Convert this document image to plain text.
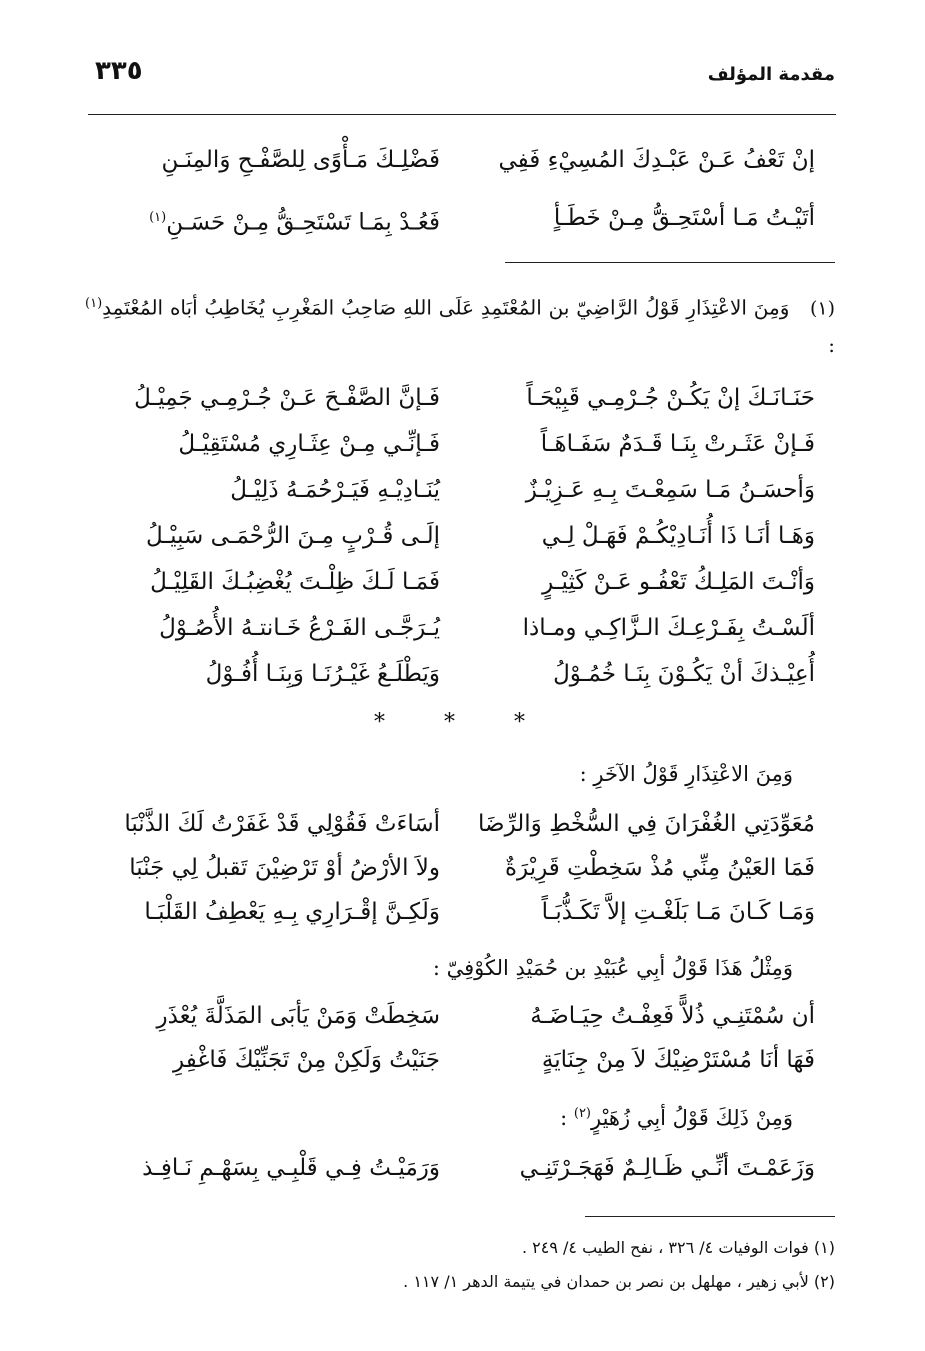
مقدمة المؤلف
٣٣٥
إنْ تَعْفُ عَـنْ عَبْـدِكَ المُسِيْءِ فَفِي
فَضْلِـكَ مَـأْوًى لِلصَّفْـحِ وَالمِنَـنِ
أتَيْـتُ مَـا أسْتَحِـقُّ مِـنْ خَطَـأٍ
فَعُـدْ بِمَـا تَسْتَحِـقُّ مِـنْ حَسَـنِ$^{(١)}$
(١)   وَمِنَ الاعْتِذَارِ قَوْلُ الرَّاضِيّ بن المُعْتَمِدِ عَلَى اللهِ صَاحِبُ المَغْرِبِ يُخَاطِبُ أبَاه المُعْتَمِدِ$^{(١)}$ :
حَنَـانَـكَ إنْ يَكُـنْ جُـرْمِـي قَبِيْحَـاً
فَـإنَّ الصَّفْـحَ عَـنْ جُـرْمِـي جَمِيْـلُ
فَـإنْ عَثَـرتْ بِنَـا قَـدَمٌ سَفَـاهَـاً
فَـإنِّـي مِـنْ عِثَـارِي مُسْتَقِيْـلُ
وَأحسَـنُ مَـا سَمِعْـتَ بِـهِ عَـزِيْـزٌ
يُنَـادِيْـهِ فَيَـرْحُمَـهُ ذَلِيْـلُ
وَهَـا أنَـا ذَا أُنَـادِيْكُـمْ فَهَـلْ لِـي
إلَـى قُـرْبٍ مِـنَ الرُّحْمَـى سَبِيْـلُ
وَأنْـتَ المَلِـكُ تَعْفُـو عَـنْ كَثِيْـرٍ
فَمَـا لَـكَ ظِلْـتَ يُغْضِبُـكَ القَلِيْـلُ
ألَسْـتُ بِفَـرْعِـكَ الـزَّاكِـي ومـاذا
يُـرَجَّـى الفَـرْعُ خَـانتـهُ الأُصُـوْلُ
أُعِيْـذكَ أنْ يَكُـوْنَ بِنَـا خُمُـوْلُ
وَيَطْلَـعُ غَيْـرُنَـا وَبِنَـا أُفُـوْلُ
* * *
وَمِنَ الاعْتِذَارِ قَوْلُ الآخَرِ :
مُعَوِّدَتِي الغُفْرَانَ فِي السُّخْطِ وَالرِّضَا
أسَاءَتْ فَقُوْلِي قَدْ غَفَرْتُ لَكَ الذَّنْبَا
فَمَا العَيْنُ مِنِّي مُذْ سَخِطْتِ قَرِيْرَةٌ
ولاَ الأرْضُ أوْ تَرْضِيْنَ تَقبلُ لِي جَنْبَا
وَمَـا كَـانَ مَـا بَلَغْـتِ إلاَّ تَكَـذُّبَـاً
وَلَكِـنَّ إقْـرَارِي بِـهِ يَعْطِفُ القَلْبَـا
وَمِثْلُ هَذَا قَوْلُ أبِي عُبَيْدِ بن حُمَيْدِ الكُوْفِيّ :
أن سُمْتَنِـي ذُلاًّ فَعِفْـتُ حِيَـاضَـهُ
سَخِطَتْ وَمَنْ يَأبَى المَذَلَّةَ يُعْذَرِ
فَهَا أنَا مُسْتَرْضِيْكَ لاَ مِنْ جِنَايَةٍ
جَنَيْتُ وَلَكِنْ مِنْ تَجَنِّيْكَ فَاغْفِرِ
وَمِنْ ذَلِكَ قَوْلُ أبِي زُهَيْرٍ$^{(٢)}$ :
وَزَعَمْـتَ أنِّـي ظَـالِـمٌ فَهَجَـرْتَنِـي
وَرَمَيْـتُ فِـي قَلْبِـي بِسَهْـمِ نَـافِـذ
(١) فوات الوفيات ٤/ ٣٢٦ ، نفح الطيب ٤/ ٢٤٩ .
(٢) لأبي زهير ، مهلهل بن نصر بن حمدان في يتيمة الدهر ١/ ١١٧ .
